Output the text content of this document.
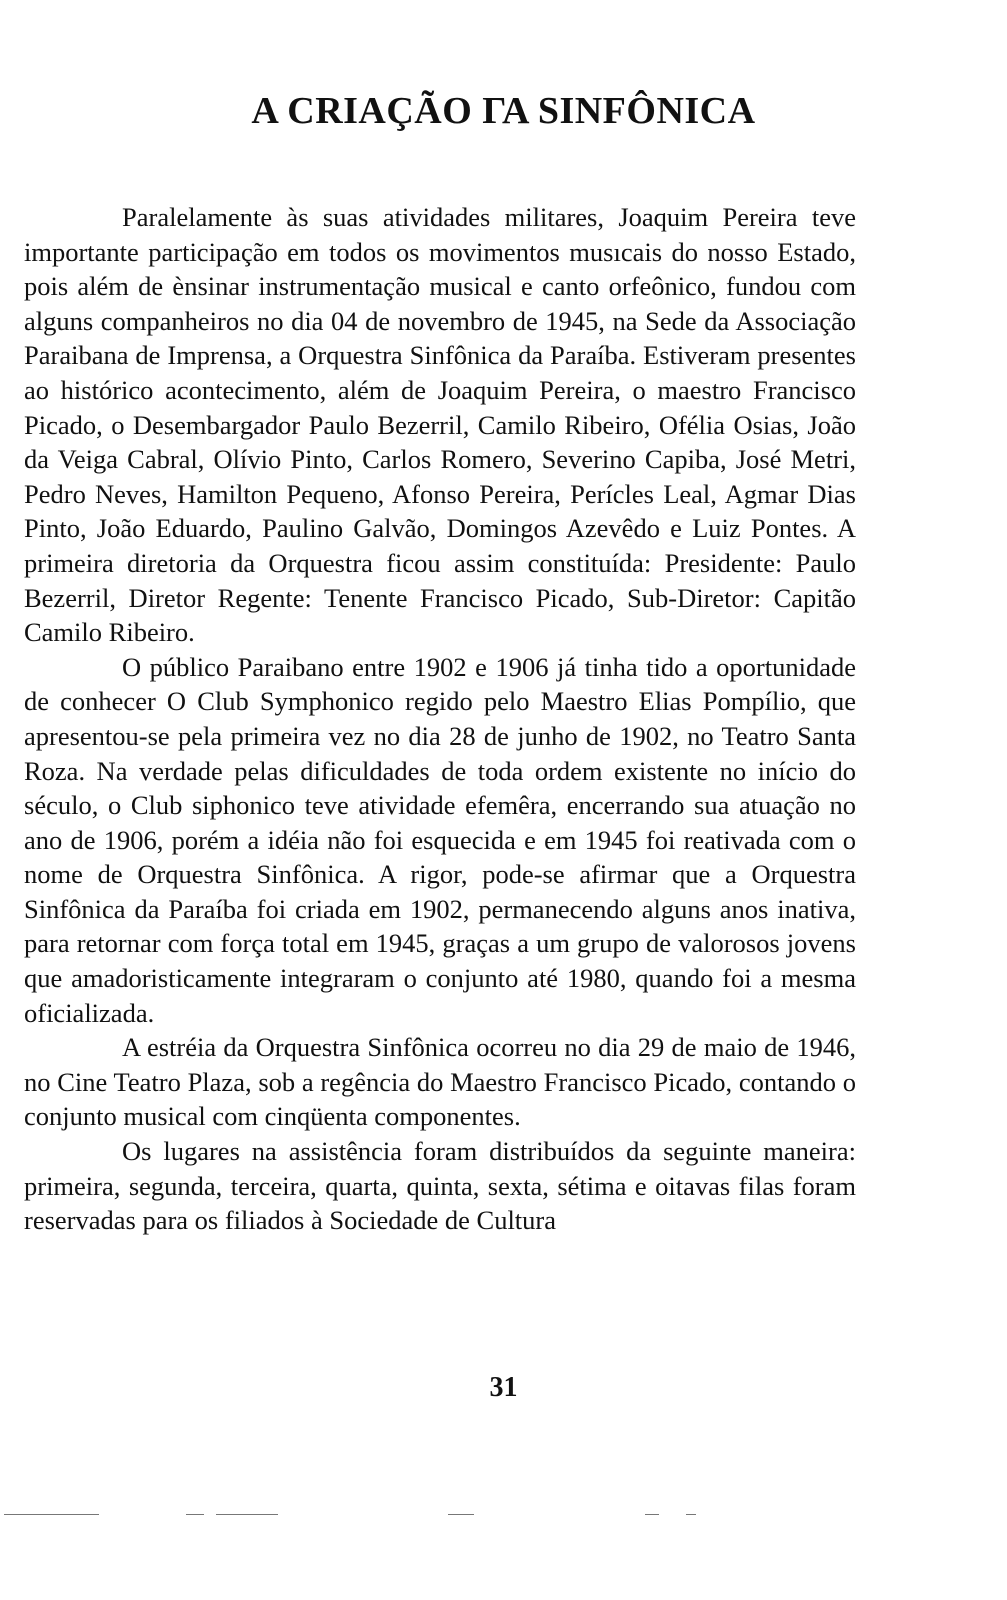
A CRIAÇÃO ΓΑ SINFÔNICA

Paralelamente às suas atividades militares, Joaquim Pereira teve importante participação em todos os movimentos musıcais do nosso Estado, pois além de ènsinar instrumentação musical e canto orfeônico, fundou com alguns companheiros no dia 04 de novembro de 1945, na Sede da Associação Paraibana de Imprensa, a Orquestra Sinfônica da Paraíba. Estiveram presentes ao histórico acontecimento, além de Joaquim Pereira, o maestro Francisco Picado, o Desembargador Paulo Bezerril, Camilo Ribeiro, Ofélia Osias, João da Veiga Cabral, Olívio Pinto, Carlos Romero, Severino Capiba, José Metri, Pedro Neves, Hamilton Pequeno, Afonso Pereira, Perícles Leal, Agmar Dias Pinto, João Eduardo, Paulino Galvão, Domingos Azevêdo e Luiz Pontes. A primeira diretoria da Orquestra ficou assim constituída: Presidente: Paulo Bezerril, Diretor Regente: Tenente Francisco Picado, Sub-Diretor: Capitão Camilo Ribeiro.

O público Paraibano entre 1902 e 1906 já tinha tido a oportunidade de conhecer O Club Symphonico regido pelo Maestro Elias Pompílio, que apresentou-se pela primeira vez no dia 28 de junho de 1902, no Teatro Santa Roza. Na verdade pelas dificuldades de toda ordem existente no início do século, o Club siphonico teve atividade efemêra, encerrando sua atuação no ano de 1906, porém a idéia não foi esquecida e em 1945 foi reativada com o nome de Orquestra Sinfônica. A rigor, pode-se afirmar que a Orquestra Sinfônica da Paraíba foi criada em 1902, permanecendo alguns anos inativa, para retornar com força total em 1945, graças a um grupo de valorosos jovens que amadoristicamente integraram o conjunto até 1980, quando foi a mesma oficializada.

A estréia da Orquestra Sinfônica ocorreu no dia 29 de maio de 1946, no Cine Teatro Plaza, sob a regência do Maestro Francisco Picado, contando o conjunto musical com cinqüenta componentes.

Os lugares na assistência foram distribuídos da seguinte maneira: primeira, segunda, terceira, quarta, quinta, sexta, sétima e oitavas filas foram reservadas para os filiados à Sociedade de Cultura

31
